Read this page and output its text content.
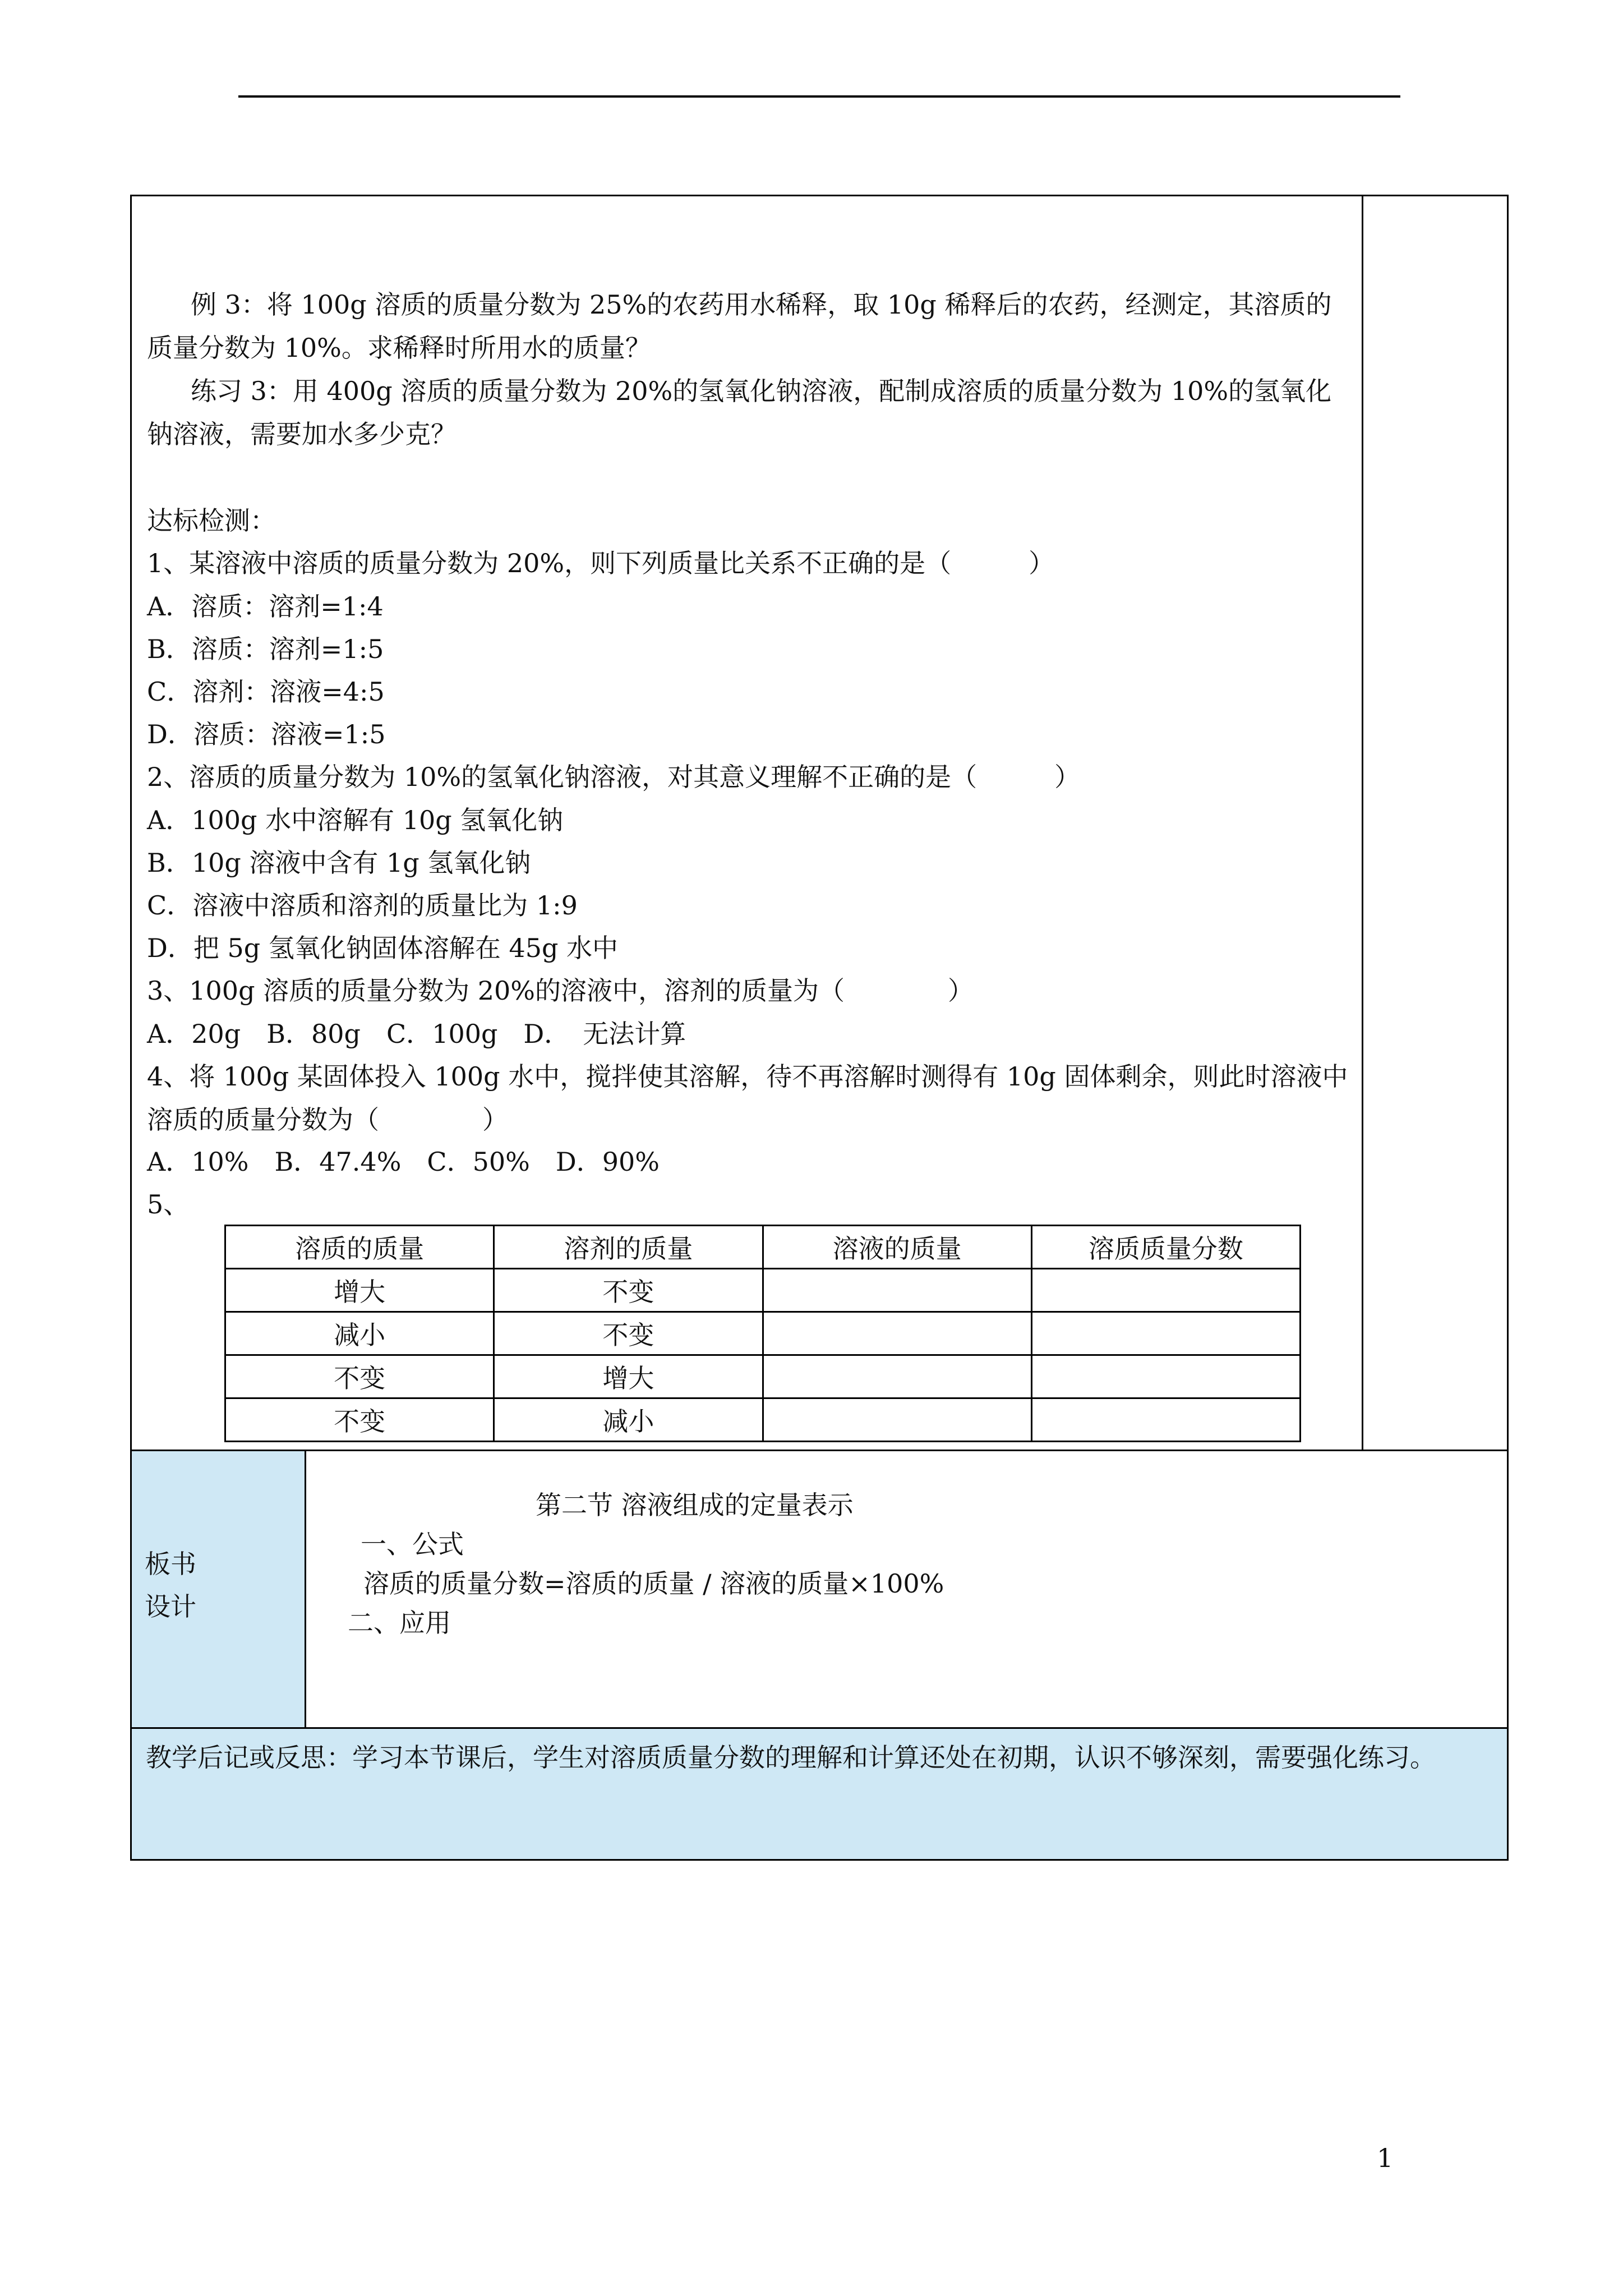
例 3：将 100g 溶质的质量分数为 25%的农药用水稀释，取 10g 稀释后的农药，经测定，其溶质的质量分数为 10%。求稀释时所用水的质量？
练习 3：用 400g 溶质的质量分数为 20%的氢氧化钠溶液，配制成溶质的质量分数为 10%的氢氧化钠溶液，需要加水多少克？
达标检测：
1、某溶液中溶质的质量分数为 20%，则下列质量比关系不正确的是（　　　）
A．溶质：溶剂=1:4
B．溶质：溶剂=1:5
C．溶剂：溶液=4:5
D．溶质：溶液=1:5
2、溶质的质量分数为 10%的氢氧化钠溶液，对其意义理解不正确的是（　　　）
A．100g 水中溶解有 10g 氢氧化钠
B．10g 溶液中含有 1g 氢氧化钠
C．溶液中溶质和溶剂的质量比为 1:9
D．把 5g 氢氧化钠固体溶解在 45g 水中
3、100g 溶质的质量分数为 20%的溶液中，溶剂的质量为（　　　　）
A．20g　B．80g　C．100g　D．　无法计算
4、将 100g 某固体投入 100g 水中，搅拌使其溶解，待不再溶解时测得有 10g 固体剩余，则此时溶液中溶质的质量分数为（　　　　）
A．10%　B．47.4%　C．50%　D．90%
5、
溶质的质量	溶剂的质量	溶液的质量	溶质质量分数
增大	不变		
减小	不变		
不变	增大		
不变	减小		
板书
设计
第二节 溶液组成的定量表示
一、公式
溶质的质量分数=溶质的质量 / 溶液的质量×100%
二、应用
教学后记或反思：学习本节课后，学生对溶质质量分数的理解和计算还处在初期，认识不够深刻，需要强化练习。
1
